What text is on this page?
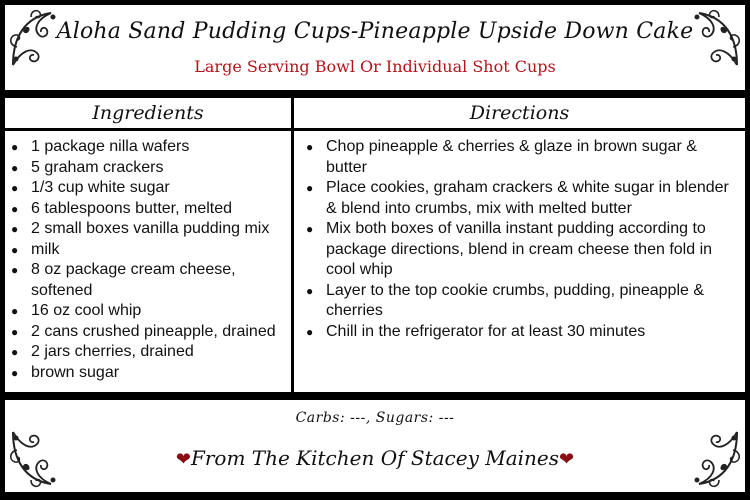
Aloha Sand Pudding Cups-Pineapple Upside Down Cake
Large Serving Bowl Or Individual Shot Cups
Ingredients
● 1 package nilla wafers
● 5 graham crackers
● 1/3 cup white sugar
● 6 tablespoons butter, melted
● 2 small boxes vanilla pudding mix
● milk
● 8 oz package cream cheese, softened
● 16 oz cool whip
● 2 cans crushed pineapple, drained
● 2 jars cherries, drained
● brown sugar
Directions
● Chop pineapple & cherries & glaze in brown sugar & butter
● Place cookies, graham crackers & white sugar in blender & blend into crumbs, mix with melted butter
● Mix both boxes of vanilla instant pudding according to package directions, blend in cream cheese then fold in cool whip
● Layer to the top cookie crumbs, pudding, pineapple & cherries
● Chill in the refrigerator for at least 30 minutes
Carbs: ---, Sugars: ---
❤From The Kitchen Of Stacey Maines❤
